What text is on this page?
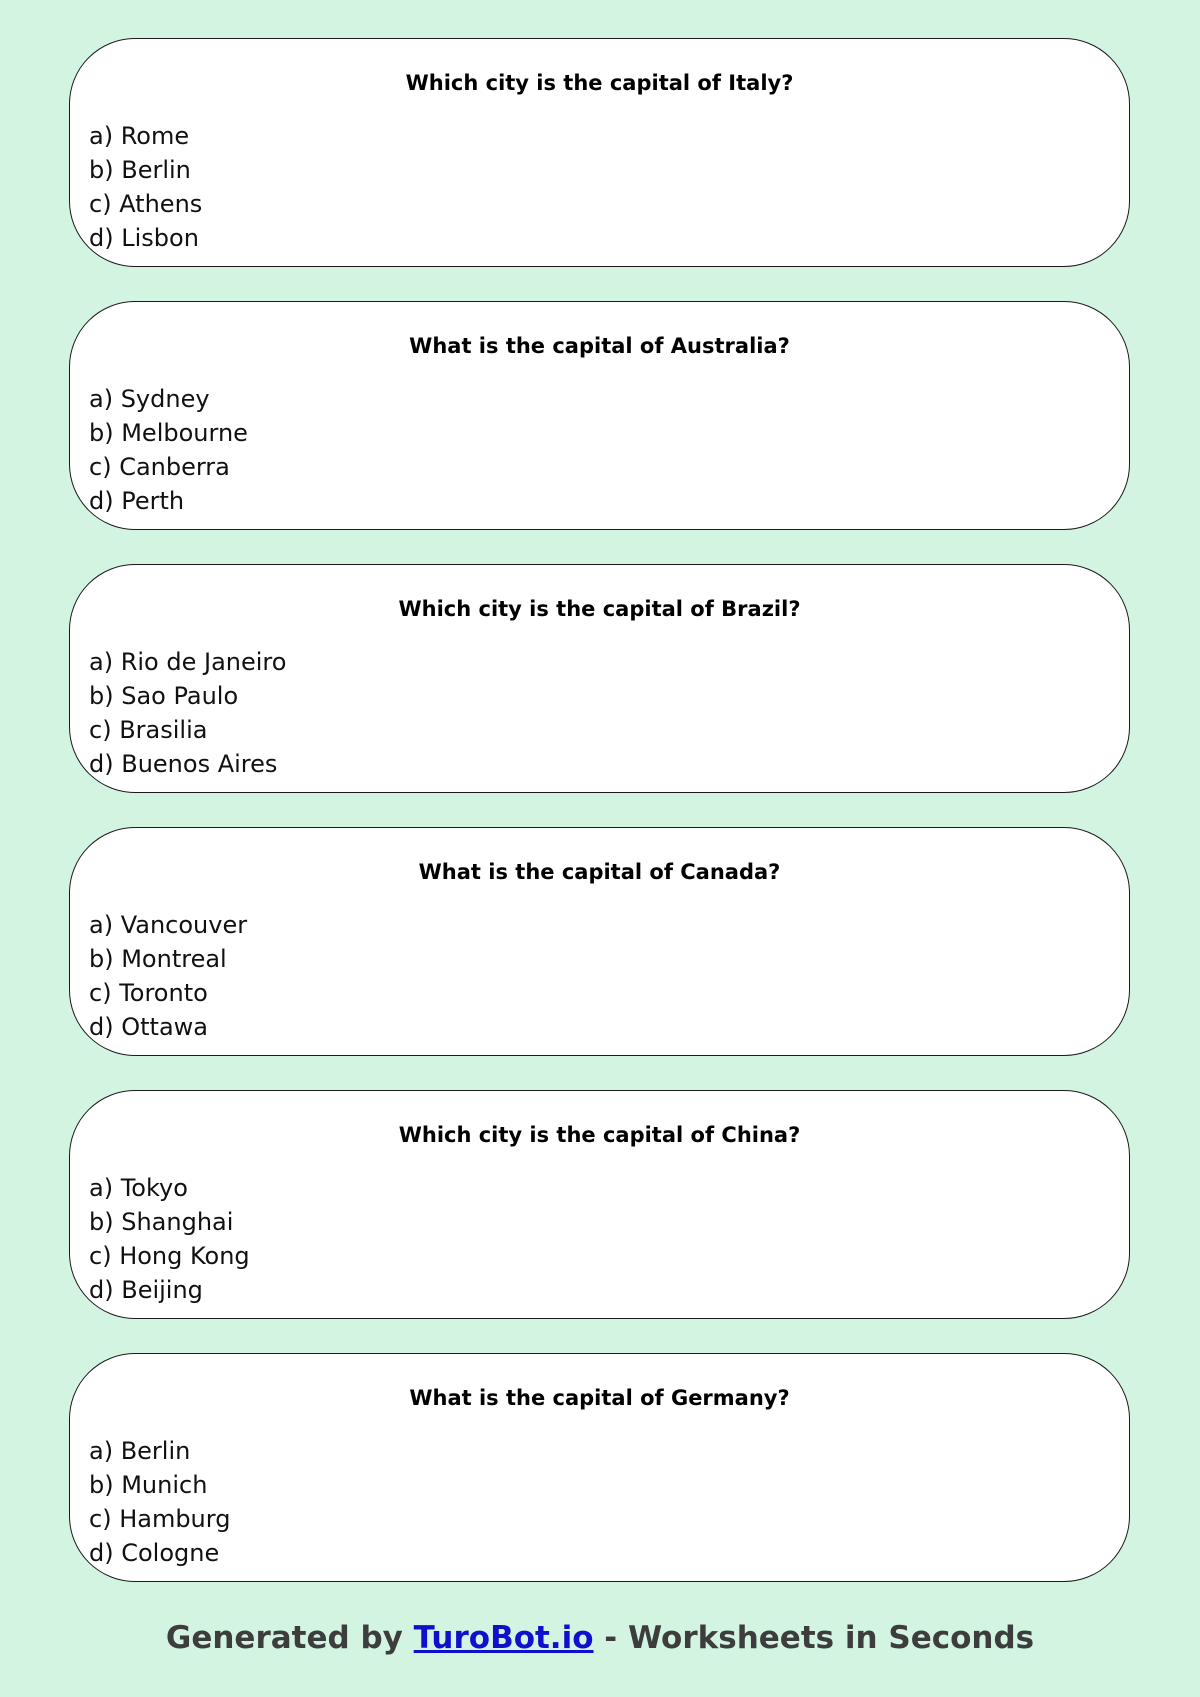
Which city is the capital of Italy?
a) Rome
b) Berlin
c) Athens
d) Lisbon
What is the capital of Australia?
a) Sydney
b) Melbourne
c) Canberra
d) Perth
Which city is the capital of Brazil?
a) Rio de Janeiro
b) Sao Paulo
c) Brasilia
d) Buenos Aires
What is the capital of Canada?
a) Vancouver
b) Montreal
c) Toronto
d) Ottawa
Which city is the capital of China?
a) Tokyo
b) Shanghai
c) Hong Kong
d) Beijing
What is the capital of Germany?
a) Berlin
b) Munich
c) Hamburg
d) Cologne
Generated by TuroBot.io - Worksheets in Seconds
